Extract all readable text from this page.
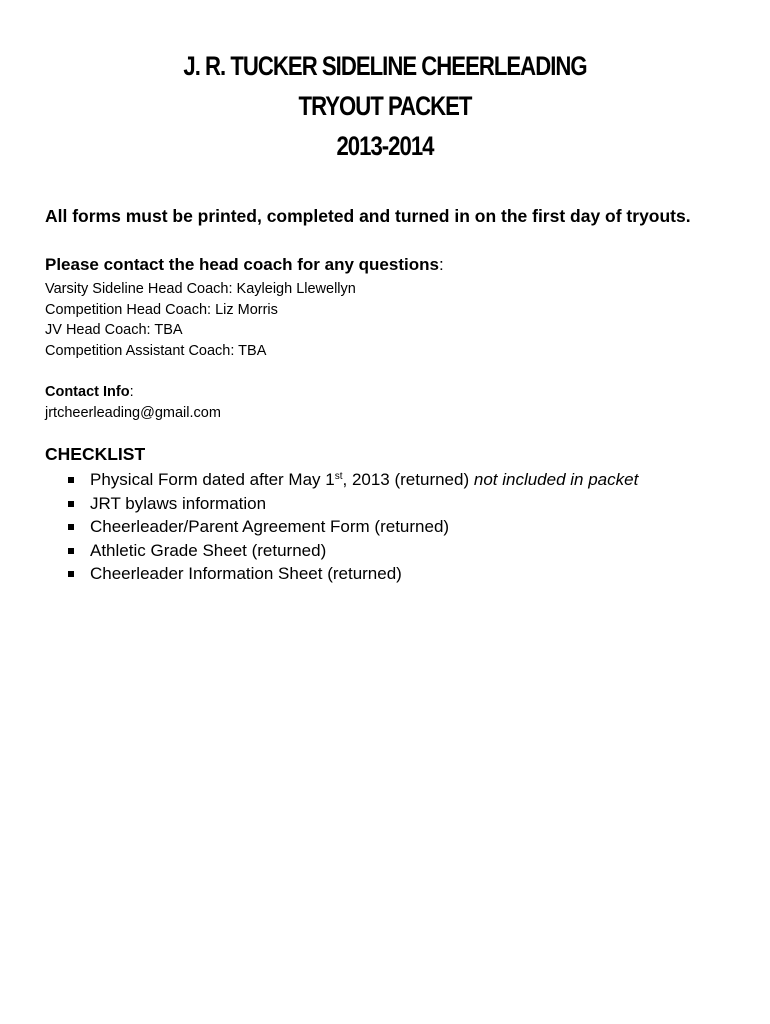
J. R. TUCKER SIDELINE CHEERLEADING
TRYOUT PACKET
2013-2014
All forms must be printed, completed and turned in on the first day of tryouts.
Please contact the head coach for any questions:
Varsity Sideline Head Coach: Kayleigh Llewellyn
Competition Head Coach: Liz Morris
JV Head Coach: TBA
Competition Assistant Coach: TBA
Contact Info:
jrtcheerleading@gmail.com
CHECKLIST
Physical Form dated after May 1st, 2013 (returned) not included in packet
JRT bylaws information
Cheerleader/Parent Agreement Form (returned)
Athletic Grade Sheet (returned)
Cheerleader Information Sheet (returned)
